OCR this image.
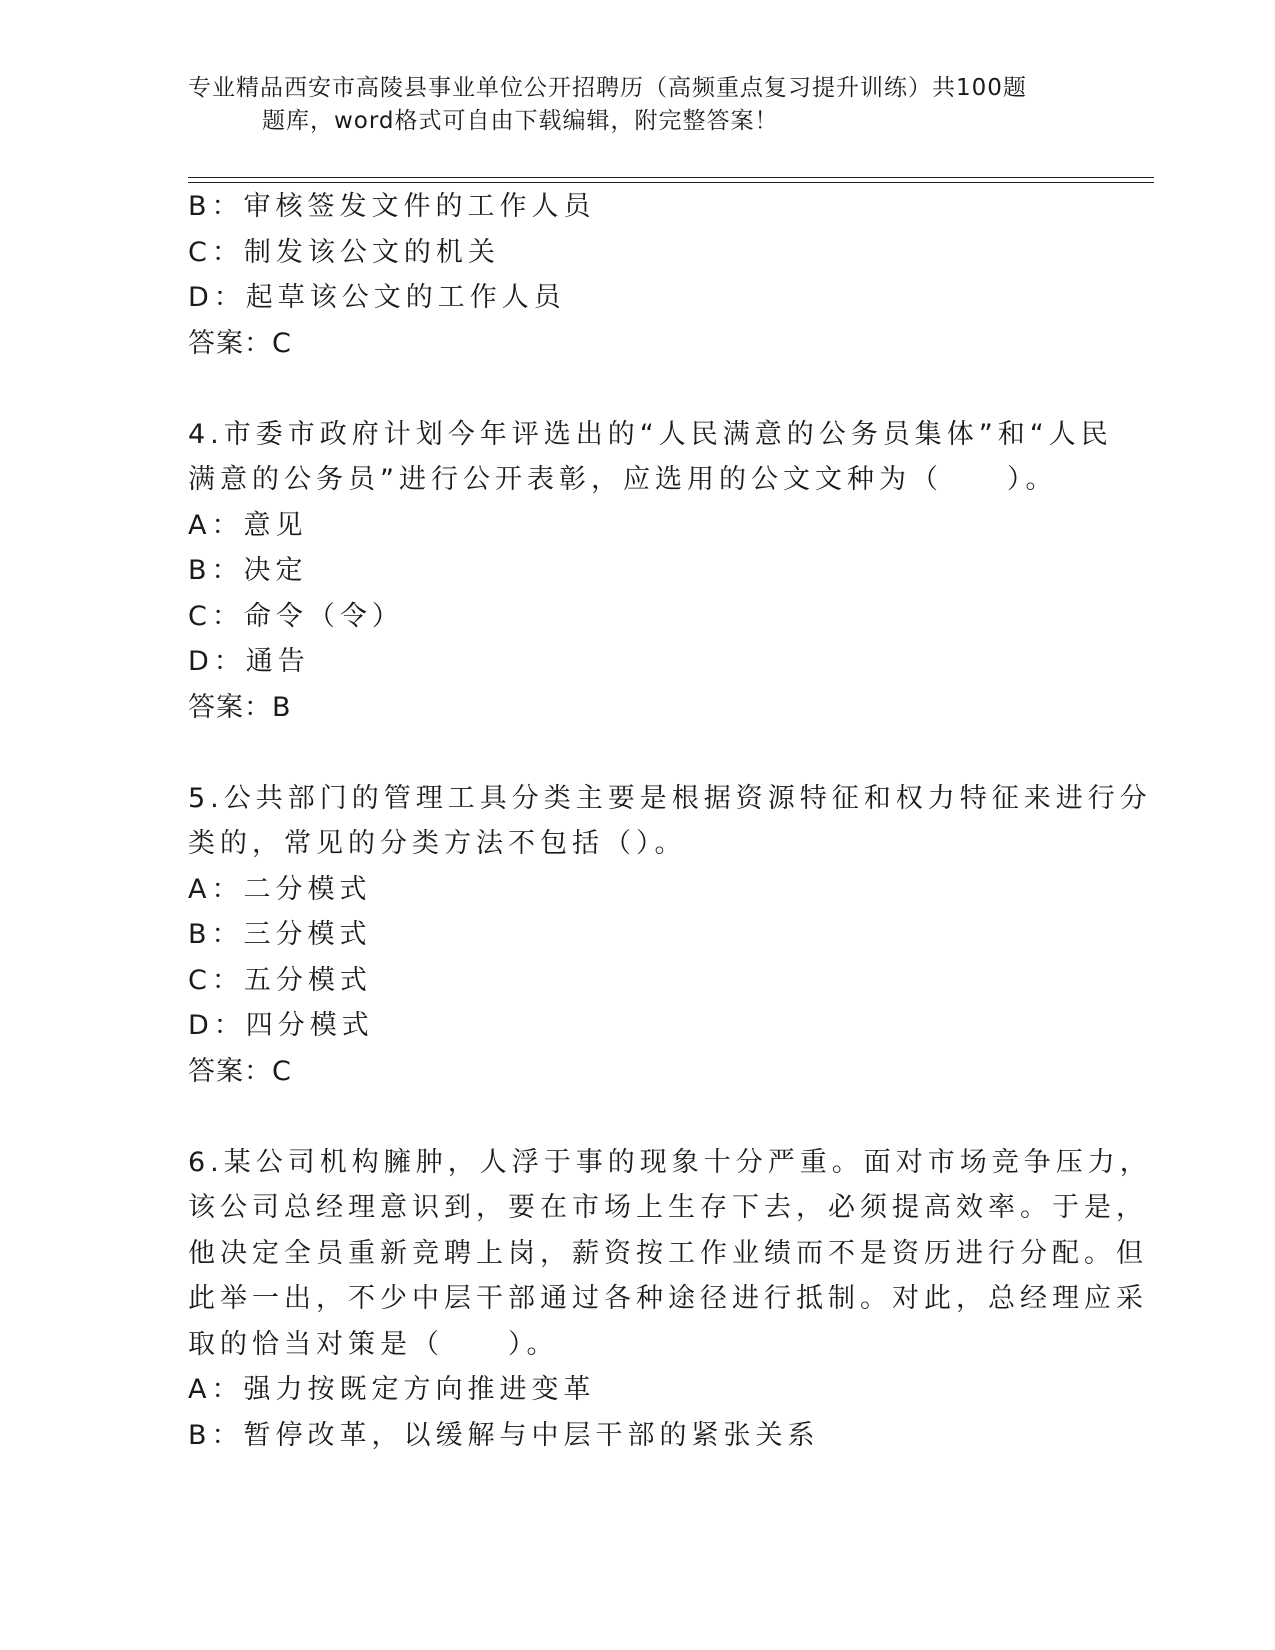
专业精品西安市高陵县事业单位公开招聘历（高频重点复习提升训练）共100题
题库，word格式可自由下载编辑，附完整答案！
B：审核签发文件的工作人员
C：制发该公文的机关
D：起草该公文的工作人员
答案：C
4.市委市政府计划今年评选出的“人民满意的公务员集体”和“人民
满意的公务员”进行公开表彰，应选用的公文文种为（　　）。
A：意见
B：决定
C：命令（令）
D：通告
答案：B
5.公共部门的管理工具分类主要是根据资源特征和权力特征来进行分
类的，常见的分类方法不包括（）。
A：二分模式
B：三分模式
C：五分模式
D：四分模式
答案：C
6.某公司机构臃肿，人浮于事的现象十分严重。面对市场竞争压力，
该公司总经理意识到，要在市场上生存下去，必须提高效率。于是，
他决定全员重新竞聘上岗，薪资按工作业绩而不是资历进行分配。但
此举一出，不少中层干部通过各种途径进行抵制。对此，总经理应采
取的恰当对策是（　　）。
A：强力按既定方向推进变革
B：暂停改革，以缓解与中层干部的紧张关系
